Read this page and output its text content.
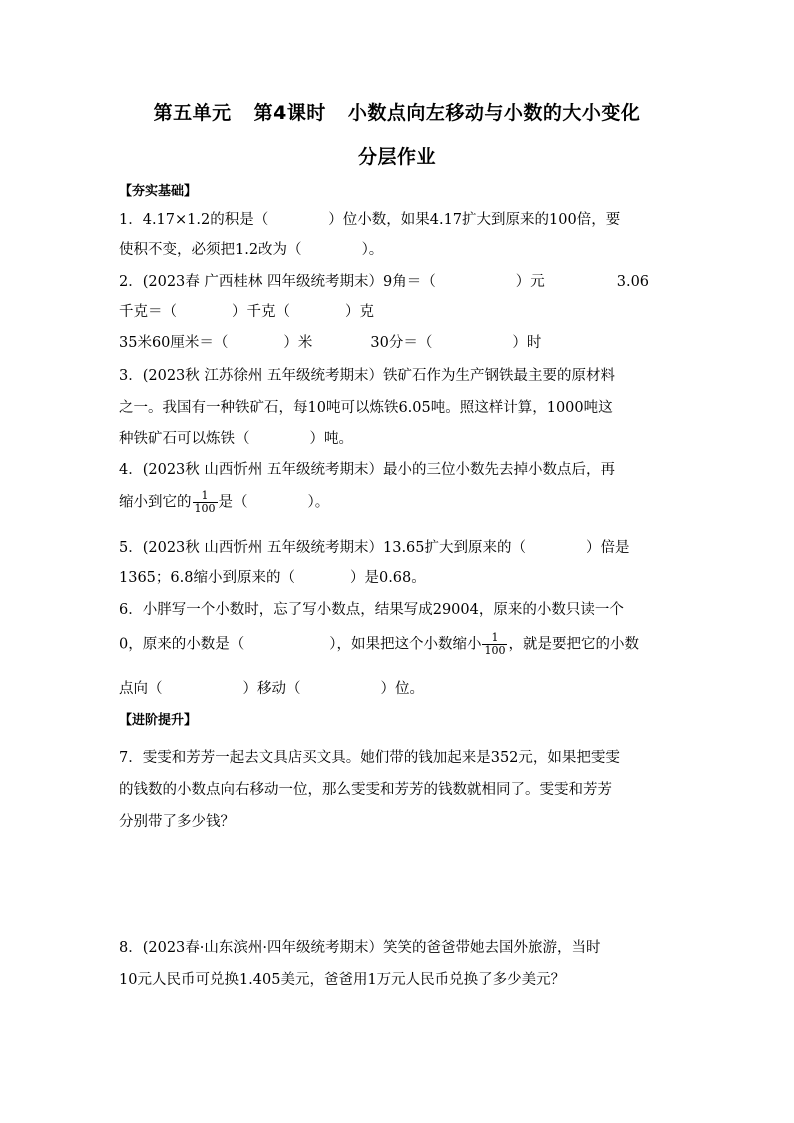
第五单元 第4课时 小数点向左移动与小数的大小变化
分层作业
【夯实基础】
1．4.17×1.2的积是（	）位小数，如果4.17扩大到原来的100倍，要
使积不变，必须把1.2改为（	）。
2．(2023春 广西桂林 四年级统考期末）9角＝（	）元	3.06
千克＝（	）千克（	）克
35米60厘米＝（	）米	30分＝（	）时
3．(2023秋 江苏徐州 五年级统考期末）铁矿石作为生产钢铁最主要的原材料
之一。我国有一种铁矿石，每10吨可以炼铁6.05吨。照这样计算，1000吨这
种铁矿石可以炼铁（	）吨。
4．(2023秋 山西忻州 五年级统考期末）最小的三位小数先去掉小数点后，再
缩小到它的 $\frac{1}{100}$ 是（	）。
5．(2023秋 山西忻州 五年级统考期末）13.65扩大到原来的（	）倍是
1365；6.8缩小到原来的（	）是0.68。
6．小胖写一个小数时，忘了写小数点，结果写成29004，原来的小数只读一个
0，原来的小数是（	），如果把这个小数缩小 $\frac{1}{100}$ ，就是要把它的小数
点向（	）移动（	）位。
【进阶提升】
7．雯雯和芳芳一起去文具店买文具。她们带的钱加起来是352元，如果把雯雯
的钱数的小数点向右移动一位，那么雯雯和芳芳的钱数就相同了。雯雯和芳芳
分别带了多少钱？
8．(2023春·山东滨州·四年级统考期末）笑笑的爸爸带她去国外旅游，当时
10元人民币可兑换1.405美元，爸爸用1万元人民币兑换了多少美元？
